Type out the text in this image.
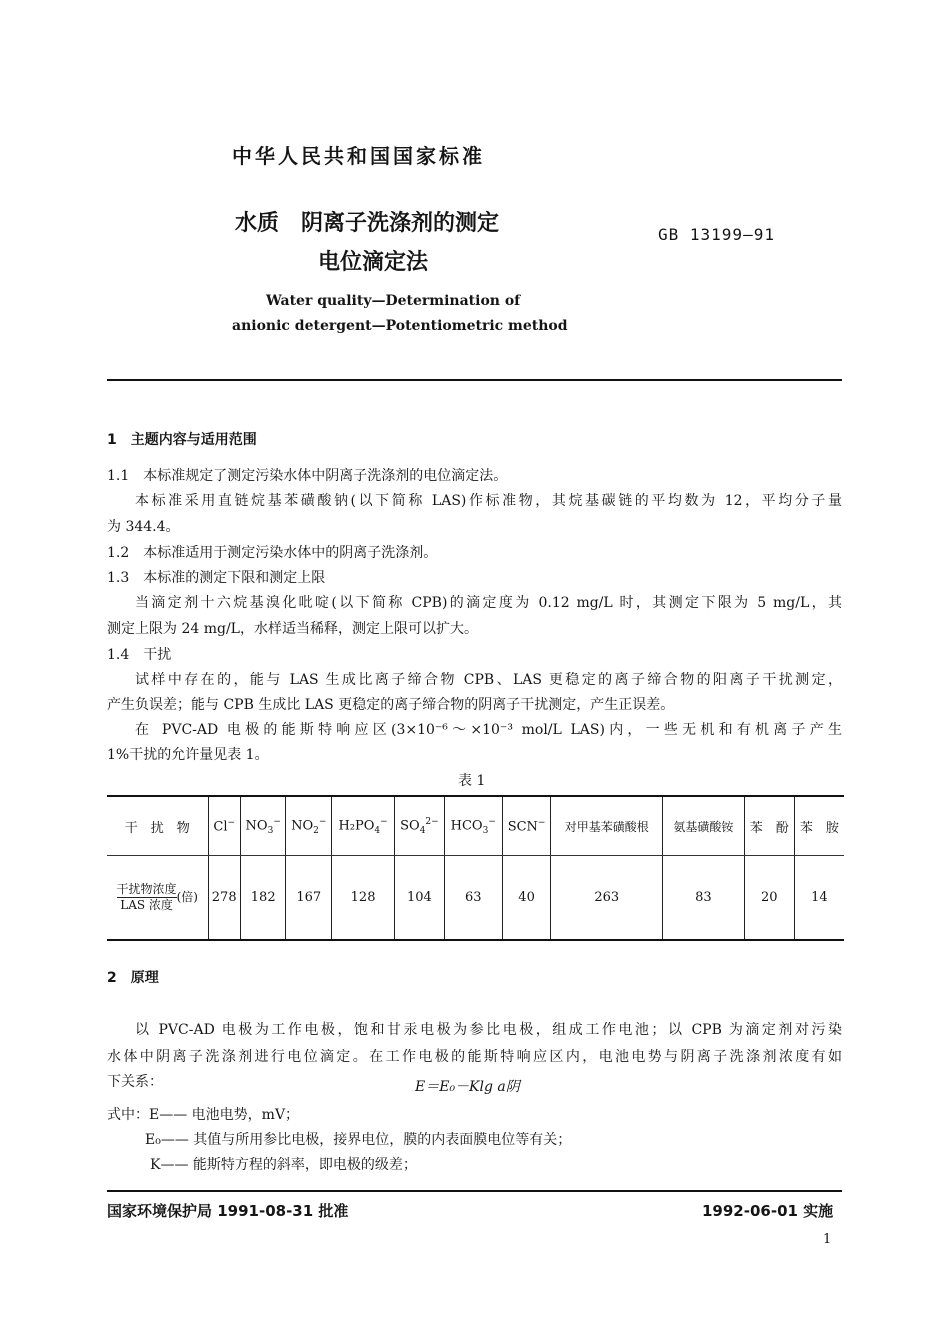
中华人民共和国国家标准
水质　阴离子洗涤剂的测定
电位滴定法
GB 13199—91
Water quality—Determination of
anionic detergent—Potentiometric method
1　主题内容与适用范围
1.1　本标准规定了测定污染水体中阴离子洗涤剂的电位滴定法。
本标准采用直链烷基苯磺酸钠(以下简称 LAS)作标准物，其烷基碳链的平均数为 12，平均分子量
为 344.4。
1.2　本标准适用于测定污染水体中的阴离子洗涤剂。
1.3　本标准的测定下限和测定上限
当滴定剂十六烷基溴化吡啶(以下简称 CPB)的滴定度为 0.12 mg/L 时，其测定下限为 5 mg/L，其
测定上限为 24 mg/L，水样适当稀释，测定上限可以扩大。
1.4　干扰
试样中存在的，能与 LAS 生成比离子缔合物 CPB、LAS 更稳定的离子缔合物的阳离子干扰测定，
产生负误差；能与 CPB 生成比 LAS 更稳定的离子缔合物的阴离子干扰测定，产生正误差。
在 PVC-AD 电极的能斯特响应区(3×10⁻⁶～×10⁻³ mol/L LAS)内，一些无机和有机离子产生
1%干扰的允许量见表 1。
表 1
干　扰　物	Cl−	$NO_3^-$	$NO_2^-$	$H_2PO_4^-$	$SO_4^{2-}$	$HCO_3^-$	SCN−	对甲基苯磺酸根	氨基磺酸铵	苯　酚	苯　胺

$\frac{\text{干扰物浓度}}{\text{LAS 浓度}}$ (倍)	278	182	167	128	104	63	40	263	83	20	14
2　原理
以 PVC-AD 电极为工作电极，饱和甘汞电极为参比电极，组成工作电池；以 CPB 为滴定剂对污染
水体中阴离子洗涤剂进行电位滴定。在工作电极的能斯特响应区内，电池电势与阴离子洗涤剂浓度有如
下关系：	E＝E₀－Klg a阴
式中：E—— 电池电势，mV；
E₀—— 其值与所用参比电极，接界电位，膜的内表面膜电位等有关；
K—— 能斯特方程的斜率，即电极的级差；
国家环境保护局 1991-08-31 批准	1992-06-01 实施
1
